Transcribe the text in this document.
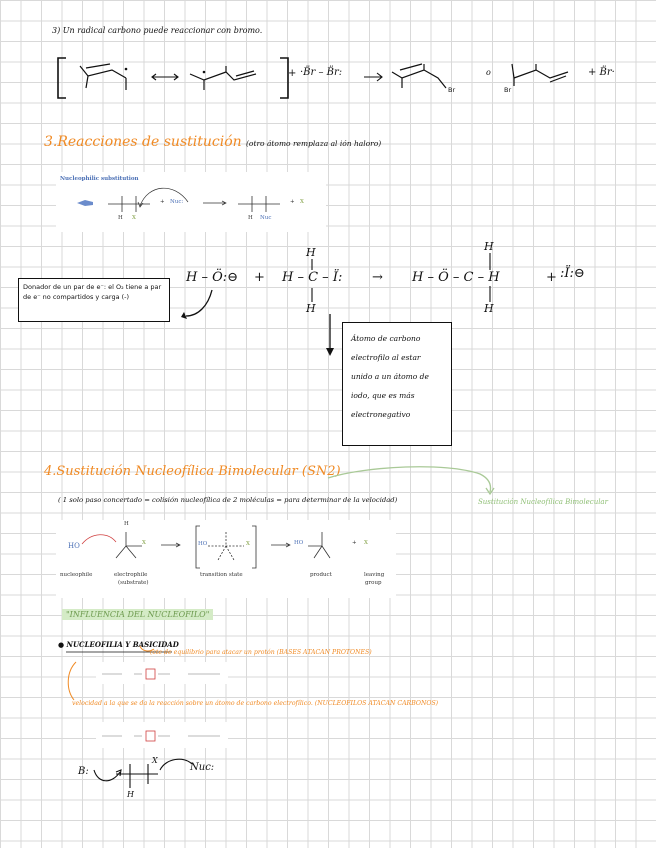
3) Un radical carbono puede reaccionar con bromo.
+ ·B̈r – B̈r:
Br
o
Br
+ B̈r·
3.Reacciones de sustitución (otro átomo remplaza al ión haloro)
Nucleophilic substitution
H X
+ Nuc:
H Nuc
+ X
Donador de un par de e⁻: el O₂ tiene a par de e⁻ no compartidos y carga (-)
H – Ö:⊖ + H – C – Ï:
H
H
→ H – Ö – C – H
H
H
+ :Ï:⊖
Átomo de carbono electrofilo al estar unido a un átomo de iodo, que es más electronegativo
4.Sustitución Nucleofílica Bimolecular (SN2)
Sustitución Nucleofílica Bimolecular
( 1 solo paso concertado = colisión nucleofílica de 2 moléculas = para determinar de la velocidad)
HO	X
H
nucleophile	electrophile
(substrate)
HO	X
transition state
HO
product
+ X
leaving
group
"INFLUENCIA DEL NUCLEOFILO"
● NUCLEOFILIA Y BASICIDAD
(cte de equilibrio para atacar un protón (BASES ATACAN PROTONES)
velocidad a la que se da la reacción sobre un átomo de carbono electrofílico. (NUCLEOFILOS ATACAN CARBONOS)
B:
X
H
Nuc:
